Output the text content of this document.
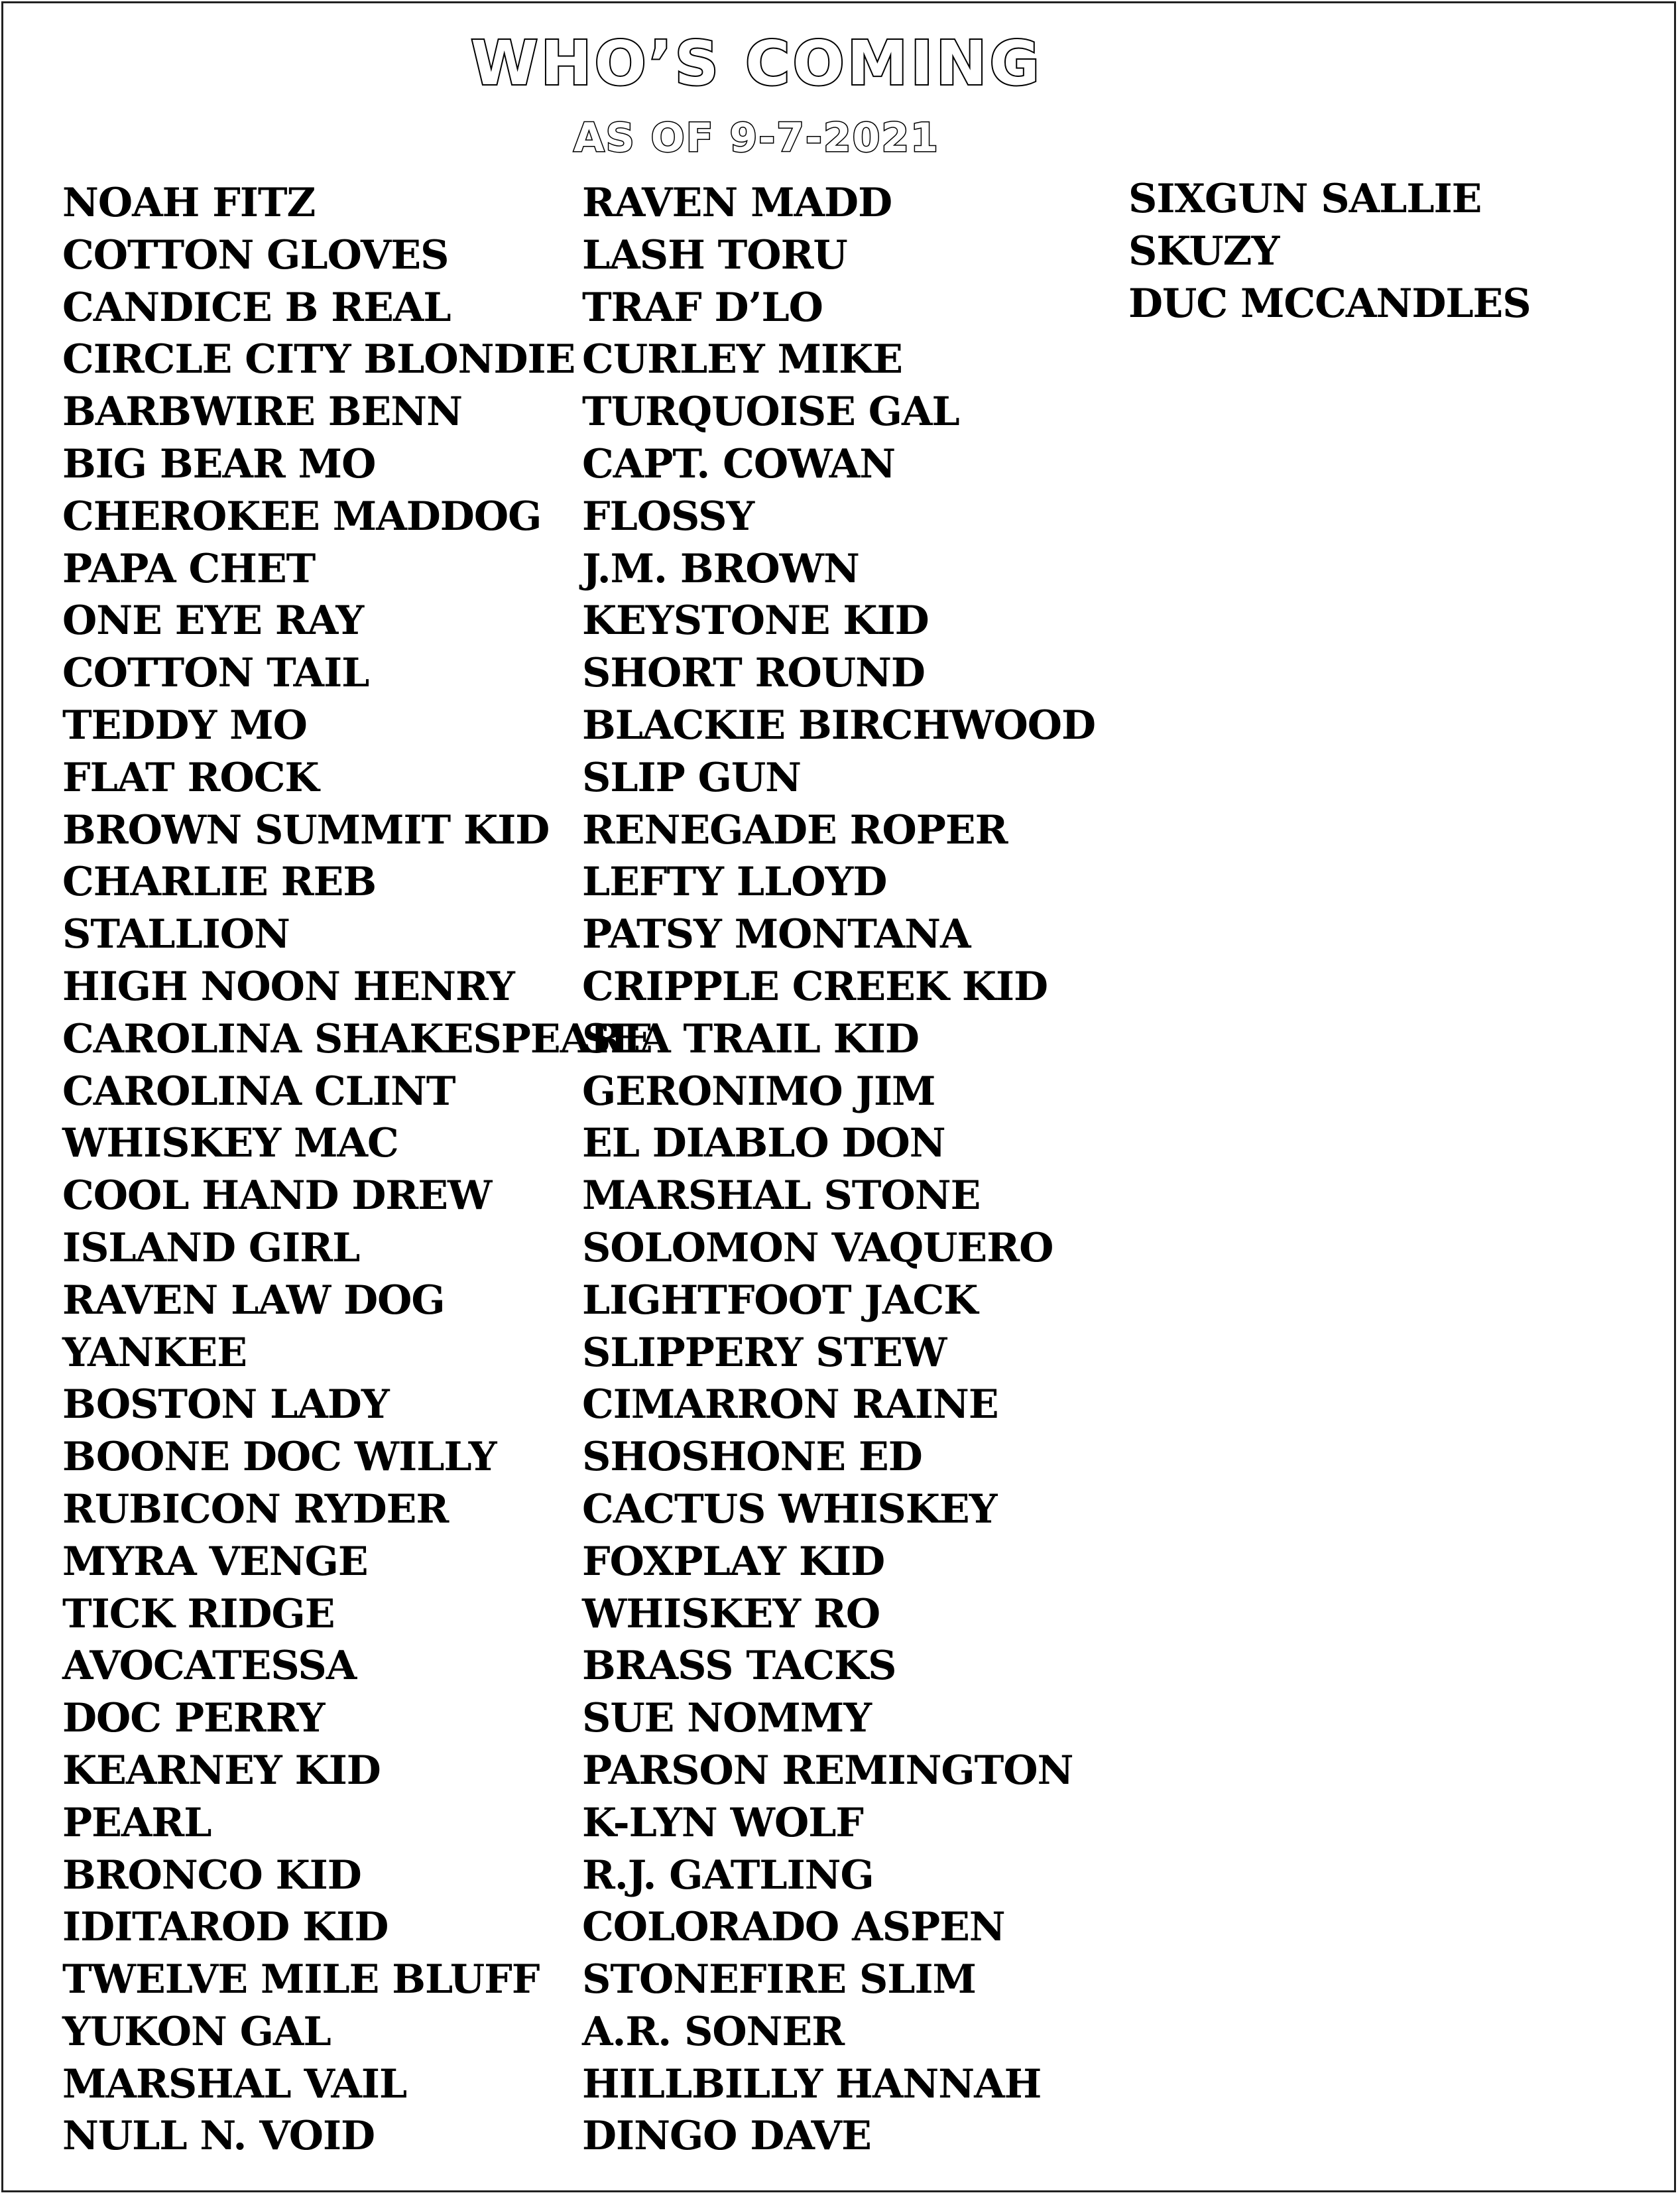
WHO’S COMING
AS OF 9-7-2021
NOAH FITZ
COTTON GLOVES
CANDICE B REAL
CIRCLE CITY BLONDIE
BARBWIRE BENN
BIG BEAR MO
CHEROKEE MADDOG
PAPA CHET
ONE EYE RAY
COTTON TAIL
TEDDY MO
FLAT ROCK
BROWN SUMMIT KID
CHARLIE REB
STALLION
HIGH NOON HENRY
CAROLINA SHAKESPEARE
CAROLINA CLINT
WHISKEY MAC
COOL HAND DREW
ISLAND GIRL
RAVEN LAW DOG
YANKEE
BOSTON LADY
BOONE DOC WILLY
RUBICON RYDER
MYRA VENGE
TICK RIDGE
AVOCATESSA
DOC PERRY
KEARNEY KID
PEARL
BRONCO KID
IDITAROD KID
TWELVE MILE BLUFF
YUKON GAL
MARSHAL VAIL
NULL N. VOID
RAVEN MADD
LASH TORU
TRAF D’LO
CURLEY MIKE
TURQUOISE GAL
CAPT. COWAN
FLOSSY
J.M. BROWN
KEYSTONE KID
SHORT ROUND
BLACKIE BIRCHWOOD
SLIP GUN
RENEGADE ROPER
LEFTY LLOYD
PATSY MONTANA
CRIPPLE CREEK KID
SEA TRAIL KID
GERONIMO JIM
EL DIABLO DON
MARSHAL STONE
SOLOMON VAQUERO
LIGHTFOOT JACK
SLIPPERY STEW
CIMARRON RAINE
SHOSHONE ED
CACTUS WHISKEY
FOXPLAY KID
WHISKEY RO
BRASS TACKS
SUE NOMMY
PARSON REMINGTON
K-LYN WOLF
R.J. GATLING
COLORADO ASPEN
STONEFIRE SLIM
A.R. SONER
HILLBILLY HANNAH
DINGO DAVE
SIXGUN SALLIE
SKUZY
DUC MCCANDLES
